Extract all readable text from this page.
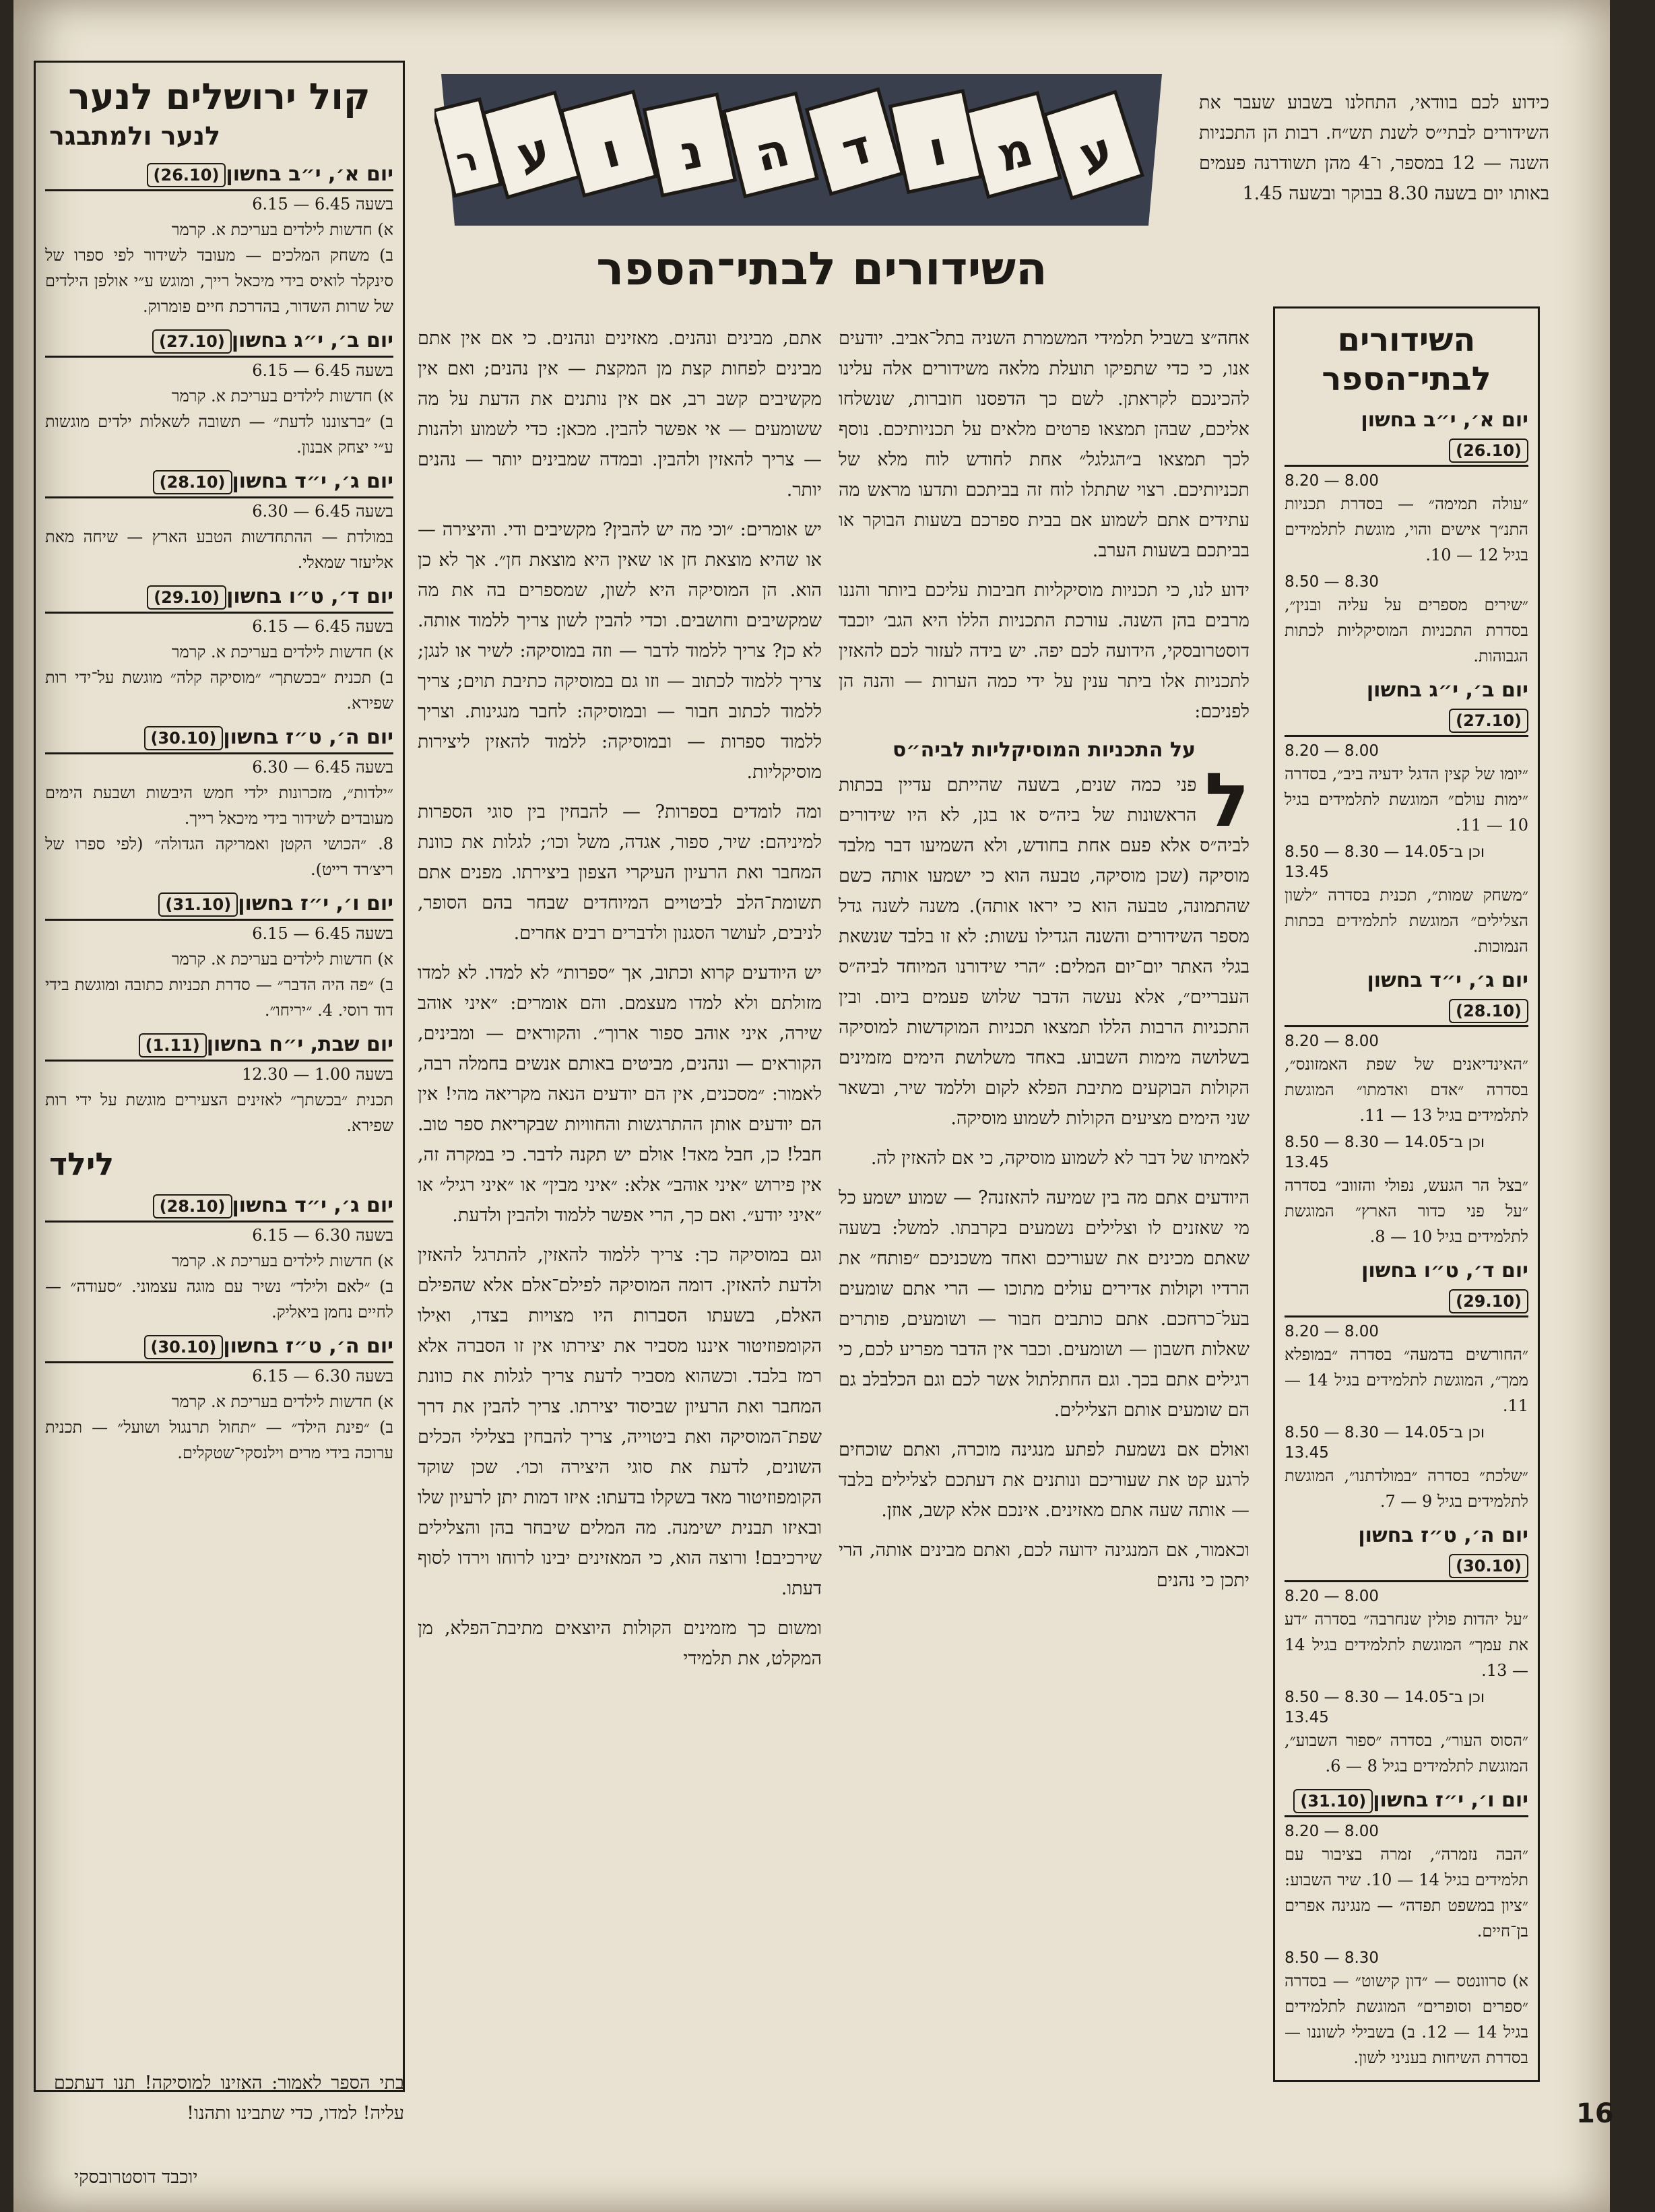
ע
מ
ו
ד
ה
נ
ו
ע
ר
השידורים לבתי־הספר

כידוע לכם בוודאי, התחלנו בשבוע שעבר את השידורים לבתי״ס לשנת תש״ח. רבות הן התכניות השנה — 12 במספר, ו־4 מהן תשודרנה פעמים באותו יום בשעה 8.30 בבוקר ובשעה 1.45

השידורים לבתי־הספר
יום א׳, י״ב בחשון(26.10)
8.20 — 8.00
״עולה תמימה״ — בסדרת תכניות התנ״ך אישים והוי, מוגשת לתלמידים בגיל 12 — 10.
8.50 — 8.30
״שירים מספרים על עליה ובנין״, בסדרת התכניות המוסיקליות לכתות הגבוהות.
יום ב׳, י״ג בחשון(27.10)
8.20 — 8.00
״יומו של קצין הדגל ידעיה ביב״, בסדרה ״ימות עולם״ המוגשת לתלמידים בגיל 10 — 11.
8.50 — 8.30 וכן ב־14.05 — 13.45
״משחק שמות״, תכנית בסדרה ״לשון הצלילים״ המוגשת לתלמידים בכתות הנמוכות.
יום ג׳, י״ד בחשון(28.10)
8.20 — 8.00
״האינדיאנים של שפת האמזונס״, בסדרה ״אדם ואדמתו״ המוגשת לתלמידים בגיל 13 — 11.
8.50 — 8.30 וכן ב־14.05 — 13.45
״בצל הר הגעש, נפולי והזווב״ בסדרה ״על פני כדור הארץ״ המוגשת לתלמידים בגיל 10 — 8.
יום ד׳, ט״ו בחשון(29.10)
8.20 — 8.00
״החורשים בדמעה״ בסדרה ״במופלא ממך״, המוגשת לתלמידים בגיל 14 — 11.
8.50 — 8.30 וכן ב־14.05 — 13.45
״שלכת״ בסדרה ״במולדתנו״, המוגשת לתלמידים בגיל 9 — 7.
יום ה׳, ט״ז בחשון(30.10)
8.20 — 8.00
״על יהדות פולין שנחרבה״ בסדרה ״דע את עמך״ המוגשת לתלמידים בגיל 14 — 13.
8.50 — 8.30 וכן ב־14.05 — 13.45
״הסוס העור״, בסדרה ״ספור השבוע״, המוגשת לתלמידים בגיל 8 — 6.
יום ו׳, י״ז בחשון(31.10)
8.20 — 8.00
״הבה נזמרה״, זמרה בציבור עם תלמידים בגיל 14 — 10. שיר השבוע: ״ציון במשפט תפדה״ — מנגינה אפרים בן־חיים.
8.50 — 8.30
א) סרוונטס — ״דון קישוט״ — בסדרה ״ספרים וסופרים״ המוגשת לתלמידים בגיל 14 — 12. ב) בשבילי לשוננו — בסדרת השיחות בעניני לשון.

אחה״צ בשביל תלמידי המשמרת השניה בתל־אביב. יודעים אנו, כי כדי שתפיקו תועלת מלאה משידורים אלה עלינו להכינכם לקראתן. לשם כך הדפסנו חוברות, שנשלחו אליכם, שבהן תמצאו פרטים מלאים על תכניותיכם. נוסף לכך תמצאו ב״הגלגל״ אחת לחודש לוח מלא של תכניותיכם. רצוי שתתלו לוח זה בביתכם ותדעו מראש מה עתידים אתם לשמוע אם בבית ספרכם בשעות הבוקר או בביתכם בשעות הערב.

ידוע לנו, כי תכניות מוסיקליות חביבות עליכם ביותר והננו מרבים בהן השנה. עורכת התכניות הללו היא הגב׳ יוכבד דוסטרובסקי, הידועה לכם יפה. יש בידה לעזור לכם להאזין לתכניות אלו ביתר ענין על ידי כמה הערות — והנה הן לפניכם:

על התכניות המוסיקליות לביה״ס

ל
פני כמה שנים, בשעה שהייתם עדיין בכתות הראשונות של ביה״ס או בגן, לא היו שידורים לביה״ס אלא פעם אחת בחודש, ולא השמיעו דבר מלבד מוסיקה (שכן מוסיקה, טבעה הוא כי ישמעו אותה כשם שהתמונה, טבעה הוא כי יראו אותה). משנה לשנה גדל מספר השידורים והשנה הגדילו עשות: לא זו בלבד שנשאת בגלי האתר יום־יום המלים: ״הרי שידורנו המיוחד לביה״ס העבריים״, אלא נעשה הדבר שלוש פעמים ביום. ובין התכניות הרבות הללו תמצאו תכניות המוקדשות למוסיקה בשלושה מימות השבוע. באחד משלושת הימים מזמינים הקולות הבוקעים מתיבת הפלא לקום וללמד שיר, ובשאר שני הימים מציעים הקולות לשמוע מוסיקה.

לאמיתו של דבר לא לשמוע מוסיקה, כי אם להאזין לה.

היודעים אתם מה בין שמיעה להאזנה? — שמוע ישמע כל מי שאזנים לו וצלילים נשמעים בקרבתו. למשל: בשעה שאתם מכינים את שעוריכם ואחד משכניכם ״פותח״ את הרדיו וקולות אדירים עולים מתוכו — הרי אתם שומעים בעל־כרחכם. אתם כותבים חבור — ושומעים, פותרים שאלות חשבון — ושומעים. וכבר אין הדבר מפריע לכם, כי רגילים אתם בכך. וגם החתלתול אשר לכם וגם הכלבלב גם הם שומעים אותם הצלילים.

ואולם אם נשמעת לפתע מנגינה מוכרה, ואתם שוכחים לרגע קט את שעוריכם ונותנים את דעתכם לצלילים בלבד — אותה שעה אתם מאזינים. אינכם אלא קשב, אוזן.

וכאמור, אם המנגינה ידועה לכם, ואתם מבינים אותה, הרי יתכן כי נהנים

אתם, מבינים ונהנים. מאזינים ונהנים. כי אם אין אתם מבינים לפחות קצת מן המקצת — אין נהנים; ואם אין מקשיבים קשב רב, אם אין נותנים את הדעת על מה ששומעים — אי אפשר להבין. מכאן: כדי לשמוע ולהנות — צריך להאזין ולהבין. ובמדה שמבינים יותר — נהנים יותר.

יש אומרים: ״וכי מה יש להבין? מקשיבים ודי. והיצירה — או שהיא מוצאת חן או שאין היא מוצאת חן״. אך לא כן הוא. הן המוסיקה היא לשון, שמספרים בה את מה שמקשיבים וחושבים. וכדי להבין לשון צריך ללמוד אותה. לא כן? צריך ללמוד לדבר — וזה במוסיקה: לשיר או לנגן; צריך ללמוד לכתוב — וזו גם במוסיקה כתיבת תוים; צריך ללמוד לכתוב חבור — ובמוסיקה: לחבר מנגינות. וצריך ללמוד ספרות — ובמוסיקה: ללמוד להאזין ליצירות מוסיקליות.

ומה לומדים בספרות? — להבחין בין סוגי הספרות למיניהם: שיר, ספור, אגדה, משל וכו׳; לגלות את כוונת המחבר ואת הרעיון העיקרי הצפון ביצירתו. מפנים אתם תשומת־הלב לביטויים המיוחדים שבחר בהם הסופר, לניבים, לעושר הסגנון ולדברים רבים אחרים.

יש היודעים קרוא וכתוב, אך ״ספרות״ לא למדו. לא למדו מזולתם ולא למדו מעצמם. והם אומרים: ״איני אוהב שירה, איני אוהב ספור ארוך״. והקוראים — ומבינים, הקוראים — ונהנים, מביטים באותם אנשים בחמלה רבה, לאמור: ״מסכנים, אין הם יודעים הנאה מקריאה מהי! אין הם יודעים אותן ההתרגשות והחוויות שבקריאת ספר טוב. חבל! כן, חבל מאד! אולם יש תקנה לדבר. כי במקרה זה, אין פירוש ״איני אוהב״ אלא: ״איני מבין״ או ״איני רגיל״ או ״איני יודע״. ואם כך, הרי אפשר ללמוד ולהבין ולדעת.

וגם במוסיקה כך: צריך ללמוד להאזין, להתרגל להאזין ולדעת להאזין. דומה המוסיקה לפילם־אלם אלא שהפילם האלם, בשעתו הסברות היו מצויות בצדו, ואילו הקומפוזיטור איננו מסביר את יצירתו אין זו הסברה אלא רמז בלבד. וכשהוא מסביר לדעת צריך לגלות את כוונת המחבר ואת הרעיון שביסוד יצירתו. צריך להבין את דרך שפת־המוסיקה ואת ביטוייה, צריך להבחין בצלילי הכלים השונים, לדעת את סוגי היצירה וכו׳. שכן שוקד הקומפוזיטור מאד בשקלו בדעתו: איזו דמות יתן לרעיון שלו ובאיזו תבנית ישימנה. מה המלים שיבחר בהן והצלילים שירכיבם! ורוצה הוא, כי המאזינים יבינו לרוחו וירדו לסוף דעתו.

ומשום כך מזמינים הקולות היוצאים מתיבת־הפלא, מן המקלט, את תלמידי

קול ירושלים לנער
לנער ולמתבגר
יום א׳, י״ב בחשון(26.10)
בשעה 6.45 — 6.15
א) חדשות לילדים בעריכת א. קרמר
ב) משחק המלכים — מעובד לשידור לפי ספרו של סינקלר לואיס בידי מיכאל רייך, ומוגש ע״י אולפן הילדים של שרות השדור, בהדרכת חיים פומרוק.
יום ב׳, י״ג בחשון(27.10)
בשעה 6.45 — 6.15
א) חדשות לילדים בעריכת א. קרמר
ב) ״ברצוננו לדעת״ — תשובה לשאלות ילדים מוגשות ע״י יצחק אבנון.
יום ג׳, י״ד בחשון(28.10)
בשעה 6.45 — 6.30
במולדת — ההתחדשות הטבע הארץ — שיחה מאת אליעזר שמאלי.
יום ד׳, ט״ו בחשון(29.10)
בשעה 6.45 — 6.15
א) חדשות לילדים בעריכת א. קרמר
ב) תכנית ״בכשתך״ ״מוסיקה קלה״ מוגשת על־ידי רות שפירא.
יום ה׳, ט״ז בחשון(30.10)
בשעה 6.45 — 6.30
״ילדות״, מזכרונות ילדי חמש היבשות ושבעת הימים מעובדים לשידור בידי מיכאל רייך.
8. ״הכושי הקטן ואמריקה הגדולה״ (לפי ספרו של ריצ׳רד רייט).
יום ו׳, י״ז בחשון(31.10)
בשעה 6.45 — 6.15
א) חדשות לילדים בעריכת א. קרמר
ב) ״פה היה הדבר״ — סדרת תכניות כתובה ומוגשת בידי דוד רוסי. 4. ״יריחו״.
יום שבת, י״ח בחשון(1.11)
בשעה 1.00 — 12.30
תכנית ״בכשתך״ לאזינים הצעירים מוגשת על ידי רות שפירא.
לילד
יום ג׳, י״ד בחשון(28.10)
בשעה 6.30 — 6.15
א) חדשות לילדים בעריכת א. קרמר
ב) ״לאם ולילד״ נשיר עם מוגה עצמוני. ״סעודה״ — לחיים נחמן ביאליק.
יום ה׳, ט״ז בחשון(30.10)
בשעה 6.30 — 6.15
א) חדשות לילדים בעריכת א. קרמר
ב) ״פינת הילד״ — ״תחול תרנגול ושועל״ — תכנית ערוכה בידי מרים וילנסקי־שטקלים.

בתי הספר לאמור: האזינו למוסיקה! תנו דעתכם עליה! למדו, כדי שתבינו ותהנו!

יוכבד דוסטרובסקי

16
